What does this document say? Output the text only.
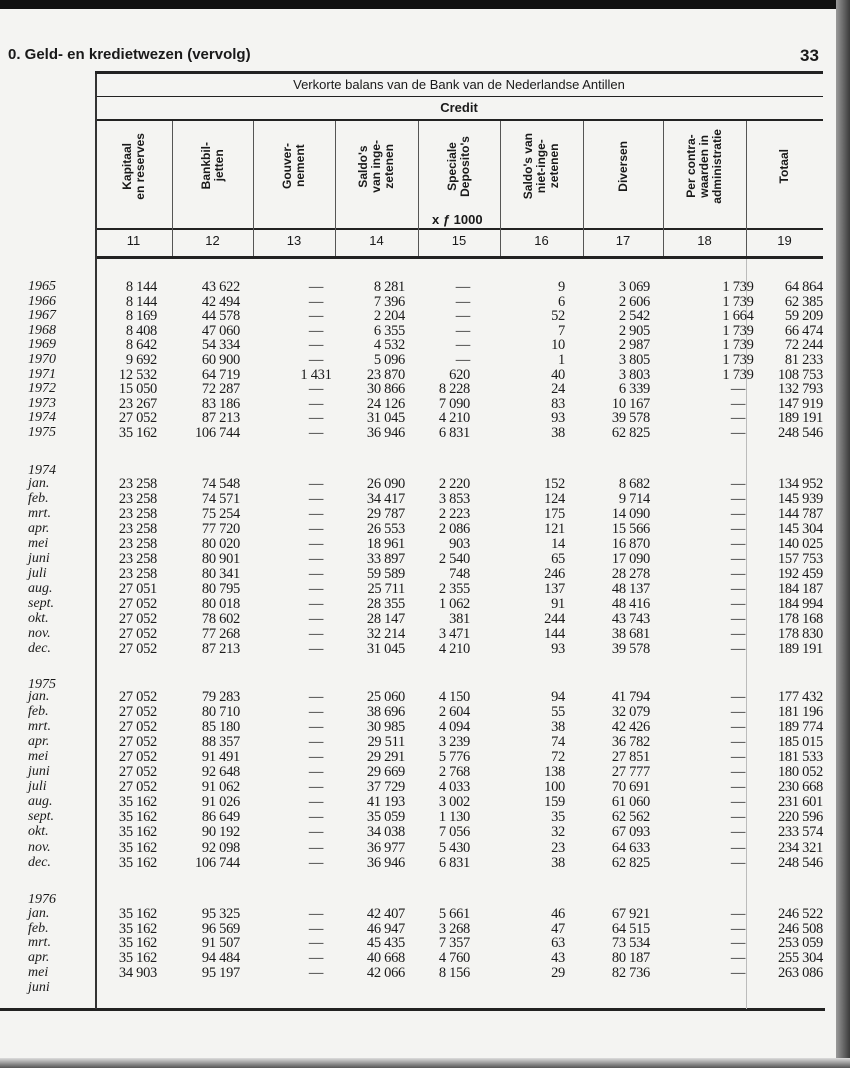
0. Geld- en kredietwezen (vervolg)	33
Verkorte balans van de Bank van de Nederlandse Antillen
Credit
x ƒ 1000
Kapitaal en reserves
11
Bankbil- jetten
12
Gouver- nement
13
Saldo's van inge- zetenen
14
Speciale Deposito's
15
Saldo's van niet-inge- zetenen
16
Diversen
17
Per contra- waarden in administratie
18
Totaal
19
1965	8 144	43 622	—	8 281	—	9	3 069	1 739	64 864
1966	8 144	42 494	—	7 396	—	6	2 606	1 739	62 385
1967	8 169	44 578	—	2 204	—	52	2 542	1 664	59 209
1968	8 408	47 060	—	6 355	—	7	2 905	1 739	66 474
1969	8 642	54 334	—	4 532	—	10	2 987	1 739	72 244
1970	9 692	60 900	—	5 096	—	1	3 805	1 739	81 233
1971	12 532	64 719	1 431	23 870	620	40	3 803	1 739	108 753
1972	15 050	72 287	—	30 866	8 228	24	6 339	—	132 793
1973	23 267	83 186	—	24 126	7 090	83	10 167	—	147 919
1974	27 052	87 213	—	31 045	4 210	93	39 578	—	189 191
1975	35 162	106 744	—	36 946	6 831	38	62 825	—	248 546
1974
jan.	23 258	74 548	—	26 090	2 220	152	8 682	—	134 952
feb.	23 258	74 571	—	34 417	3 853	124	9 714	—	145 939
mrt.	23 258	75 254	—	29 787	2 223	175	14 090	—	144 787
apr.	23 258	77 720	—	26 553	2 086	121	15 566	—	145 304
mei	23 258	80 020	—	18 961	903	14	16 870	—	140 025
juni	23 258	80 901	—	33 897	2 540	65	17 090	—	157 753
juli	23 258	80 341	—	59 589	748	246	28 278	—	192 459
aug.	27 051	80 795	—	25 711	2 355	137	48 137	—	184 187
sept.	27 052	80 018	—	28 355	1 062	91	48 416	—	184 994
okt.	27 052	78 602	—	28 147	381	244	43 743	—	178 168
nov.	27 052	77 268	—	32 214	3 471	144	38 681	—	178 830
dec.	27 052	87 213	—	31 045	4 210	93	39 578	—	189 191
1975
jan.	27 052	79 283	—	25 060	4 150	94	41 794	—	177 432
feb.	27 052	80 710	—	38 696	2 604	55	32 079	—	181 196
mrt.	27 052	85 180	—	30 985	4 094	38	42 426	—	189 774
apr.	27 052	88 357	—	29 511	3 239	74	36 782	—	185 015
mei	27 052	91 491	—	29 291	5 776	72	27 851	—	181 533
juni	27 052	92 648	—	29 669	2 768	138	27 777	—	180 052
juli	27 052	91 062	—	37 729	4 033	100	70 691	—	230 668
aug.	35 162	91 026	—	41 193	3 002	159	61 060	—	231 601
sept.	35 162	86 649	—	35 059	1 130	35	62 562	—	220 596
okt.	35 162	90 192	—	34 038	7 056	32	67 093	—	233 574
nov.	35 162	92 098	—	36 977	5 430	23	64 633	—	234 321
dec.	35 162	106 744	—	36 946	6 831	38	62 825	—	248 546
1976
jan.	35 162	95 325	—	42 407	5 661	46	67 921	—	246 522
feb.	35 162	96 569	—	46 947	3 268	47	64 515	—	246 508
mrt.	35 162	91 507	—	45 435	7 357	63	73 534	—	253 059
apr.	35 162	94 484	—	40 668	4 760	43	80 187	—	255 304
mei	34 903	95 197	—	42 066	8 156	29	82 736	—	263 086
juni
